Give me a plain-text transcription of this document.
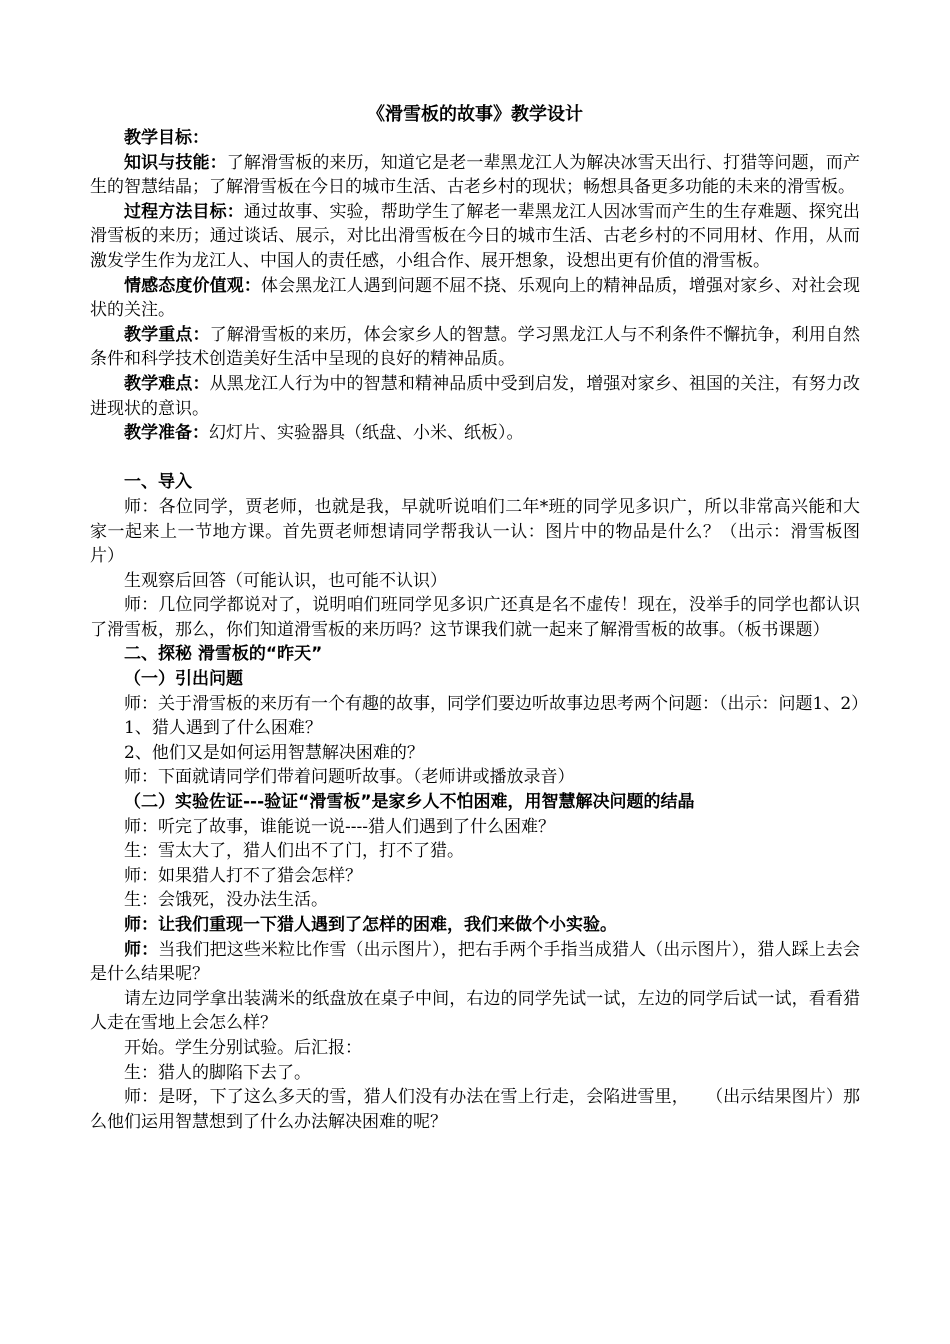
《滑雪板的故事》教学设计

教学目标：

知识与技能：了解滑雪板的来历，知道它是老一辈黑龙江人为解决冰雪天出行、打猎等问题，而产生的智慧结晶；了解滑雪板在今日的城市生活、古老乡村的现状；畅想具备更多功能的未来的滑雪板。

过程方法目标：通过故事、实验，帮助学生了解老一辈黑龙江人因冰雪而产生的生存难题、探究出滑雪板的来历；通过谈话、展示，对比出滑雪板在今日的城市生活、古老乡村的不同用材、作用，从而激发学生作为龙江人、中国人的责任感，小组合作、展开想象，设想出更有价值的滑雪板。

情感态度价值观：体会黑龙江人遇到问题不屈不挠、乐观向上的精神品质，增强对家乡、对社会现状的关注。

教学重点：了解滑雪板的来历，体会家乡人的智慧。学习黑龙江人与不利条件不懈抗争，利用自然条件和科学技术创造美好生活中呈现的良好的精神品质。

教学难点：从黑龙江人行为中的智慧和精神品质中受到启发，增强对家乡、祖国的关注，有努力改进现状的意识。

教学准备：幻灯片、实验器具（纸盘、小米、纸板）。

一、导入

师：各位同学，贾老师，也就是我，早就听说咱们二年*班的同学见多识广，所以非常高兴能和大家一起来上一节地方课。首先贾老师想请同学帮我认一认：图片中的物品是什么？（出示：滑雪板图片）

生观察后回答（可能认识，也可能不认识）

师：几位同学都说对了，说明咱们班同学见多识广还真是名不虚传！现在，没举手的同学也都认识了滑雪板，那么，你们知道滑雪板的来历吗？这节课我们就一起来了解滑雪板的故事。（板书课题）

二、探秘 滑雪板的“昨天”

（一）引出问题

师：关于滑雪板的来历有一个有趣的故事，同学们要边听故事边思考两个问题：（出示：问题1、2）

1、猎人遇到了什么困难？

2、他们又是如何运用智慧解决困难的？

师：下面就请同学们带着问题听故事。（老师讲或播放录音）

（二）实验佐证---验证“滑雪板”是家乡人不怕困难，用智慧解决问题的结晶

师：听完了故事，谁能说一说----猎人们遇到了什么困难？

生：雪太大了，猎人们出不了门，打不了猎。

师：如果猎人打不了猎会怎样？

生：会饿死，没办法生活。

师：让我们重现一下猎人遇到了怎样的困难，我们来做个小实验。

师：当我们把这些米粒比作雪（出示图片），把右手两个手指当成猎人（出示图片），猎人踩上去会是什么结果呢？

请左边同学拿出装满米的纸盘放在桌子中间，右边的同学先试一试，左边的同学后试一试，看看猎人走在雪地上会怎么样？

开始。学生分别试验。后汇报：

生：猎人的脚陷下去了。

师：是呀，下了这么多天的雪，猎人们没有办法在雪上行走，会陷进雪里，　　（出示结果图片）那么他们运用智慧想到了什么办法解决困难的呢？
